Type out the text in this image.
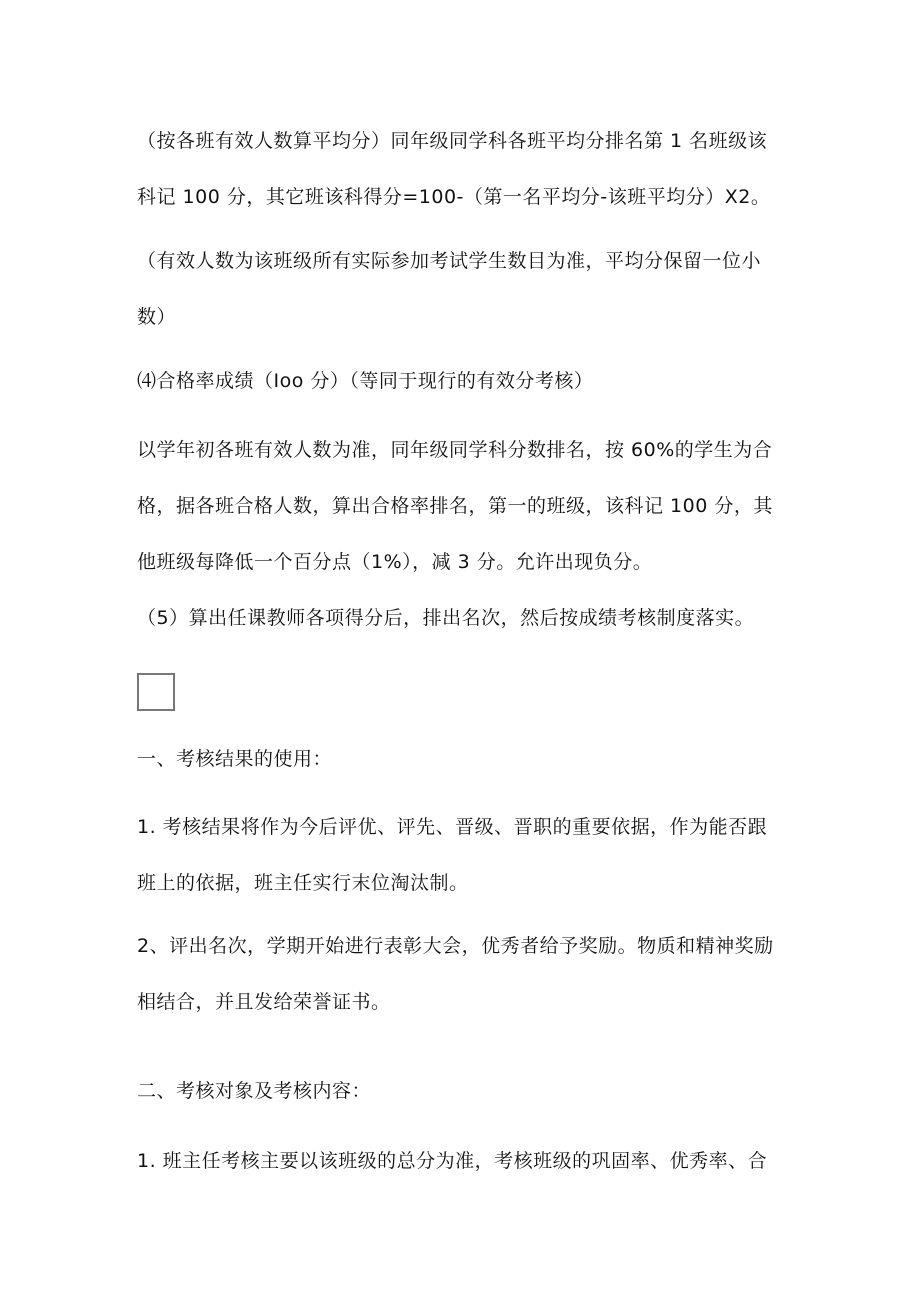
（按各班有效人数算平均分）同年级同学科各班平均分排名第 1 名班级该
科记 100 分，其它班该科得分=100-（第一名平均分-该班平均分）X2。
（有效人数为该班级所有实际参加考试学生数目为准，平均分保留一位小
数）
⑷合格率成绩（Ioo 分）（等同于现行的有效分考核）
以学年初各班有效人数为准，同年级同学科分数排名，按 60%的学生为合
格，据各班合格人数，算出合格率排名，第一的班级，该科记 100 分，其
他班级每降低一个百分点（1%），减 3 分。允许出现负分。
（5）算出任课教师各项得分后，排出名次，然后按成绩考核制度落实。
一、考核结果的使用：
1. 考核结果将作为今后评优、评先、晋级、晋职的重要依据，作为能否跟
班上的依据，班主任实行末位淘汰制。
2、评出名次，学期开始进行表彰大会，优秀者给予奖励。物质和精神奖励
相结合，并且发给荣誉证书。
二、考核对象及考核内容：
1. 班主任考核主要以该班级的总分为准，考核班级的巩固率、优秀率、合
